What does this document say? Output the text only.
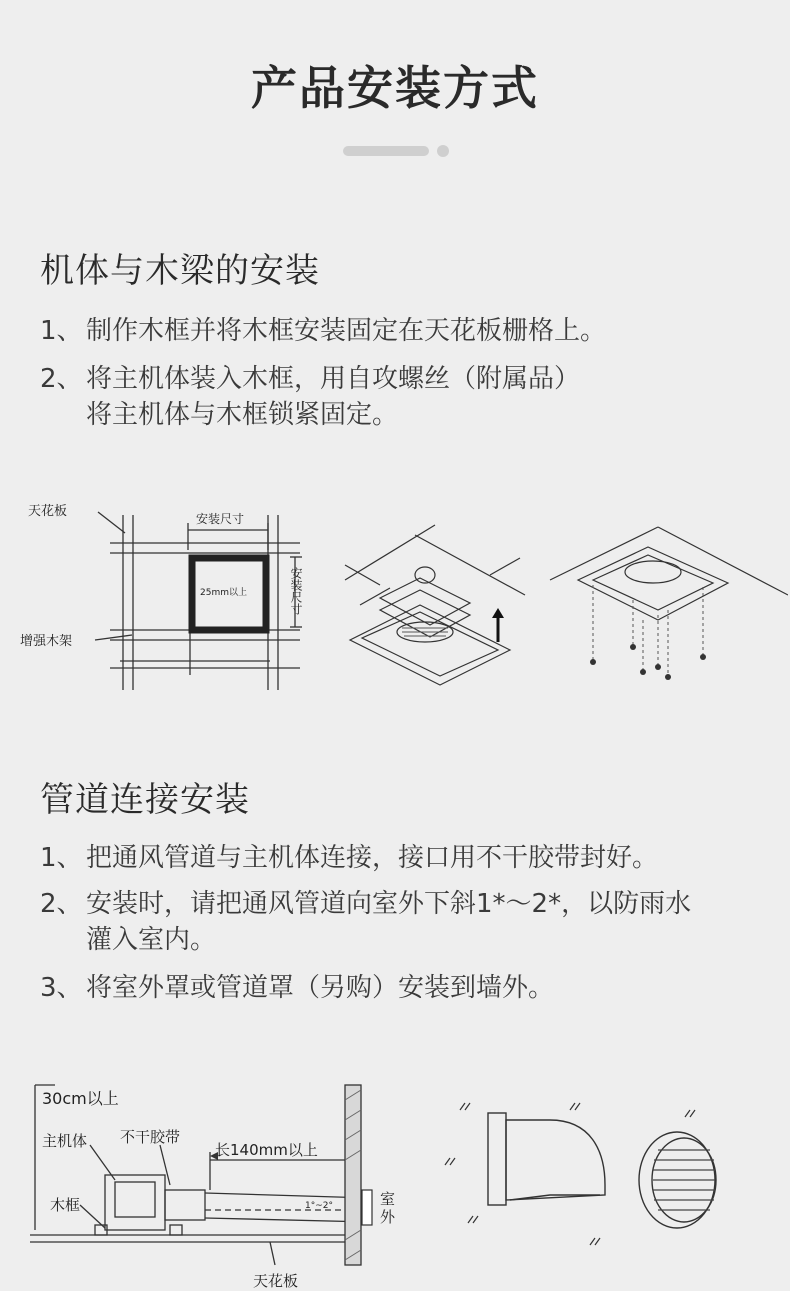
产品安装方式
机体与木梁的安装
1、 制作木框并将木框安装固定在天花板栅格上。
2、 将主机体装入木框，用自攻螺丝（附属品）
将主机体与木框锁紧固定。
天花板	安装尺寸
25mm以上
增强木架
安装尺寸
管道连接安装
1、 把通风管道与主机体连接，接口用不干胶带封好。
2、 安装时，请把通风管道向室外下斜1*～2*，以防雨水
灌入室内。
3、 将室外罩或管道罩（另购）安装到墙外。
30cm以上
主机体 不干胶带
长140mm以上
木框	1°~2°	室
外
天花板
